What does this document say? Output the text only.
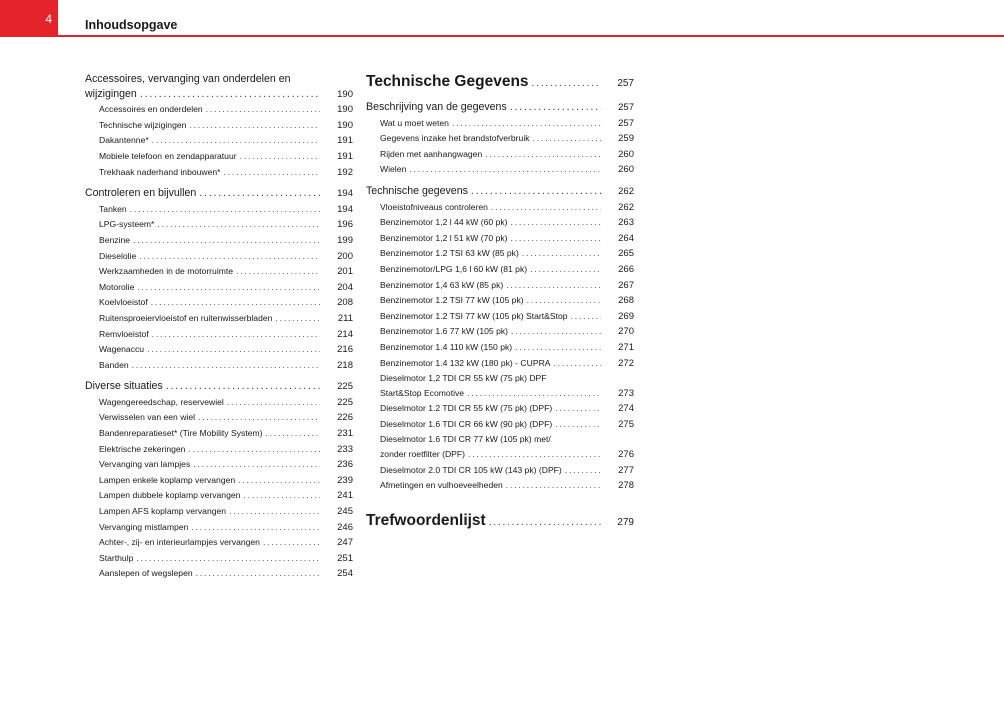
4	Inhoudsopgave
Accessoires, vervanging van onderdelen en
wijzigingen .....	190
Accessoires en onderdelen .....	190
Technische wijzigingen .....	190
Dakantenne* .....	191
Mobiele telefoon en zendapparatuur .....	191
Trekhaak naderhand inbouwen* .....	192
Controleren en bijvullen .....	194
Tanken .....	194
LPG-systeem* .....	196
Benzine .....	199
Dieselolie .....	200
Werkzaamheden in de motorruimte .....	201
Motorolie .....	204
Koelvloeistof .....	208
Ruitensproeiervloeistof en ruitenwisserbladen .....	211
Remvloeistof .....	214
Wagenaccu .....	216
Banden .....	218
Diverse situaties .....	225
Wagengereedschap, reservewiel .....	225
Verwisselen van een wiel .....	226
Bandenreparatieset* (Tire Mobility System) .....	231
Elektrische zekeringen .....	233
Vervanging van lampjes .....	236
Lampen enkele koplamp vervangen .....	239
Lampen dubbele koplamp vervangen .....	241
Lampen AFS koplamp vervangen .....	245
Vervanging mistlampen .....	246
Achter-, zij- en interieurlampjes vervangen .....	247
Starthulp .....	251
Aanslepen of wegslepen .....	254
Technische Gegevens .....	257
Beschrijving van de gegevens .....	257
Wat u moet weten .....	257
Gegevens inzake het brandstofverbruik .....	259
Rijden met aanhangwagen .....	260
Wielen .....	260
Technische gegevens .....	262
Vloeistofniveaus controleren .....	262
Benzinemotor 1,2 l 44 kW (60 pk) .....	263
Benzinemotor 1,2 l 51 kW (70 pk) .....	264
Benzinemotor 1.2 TSI 63 kW (85 pk) .....	265
Benzinemotor/LPG 1,6 l 60 kW (81 pk) .....	266
Benzinemotor 1,4 63 kW (85 pk) .....	267
Benzinemotor 1.2 TSI 77 kW (105 pk) .....	268
Benzinemotor 1.2 TSI 77 kW (105 pk) Start&Stop .....	269
Benzinemotor 1.6 77 kW (105 pk) .....	270
Benzinemotor 1.4 110 kW (150 pk) .....	271
Benzinemotor 1.4 132 kW (180 pk) - CUPRA .....	272
Dieselmotor 1,2 TDI CR 55 kW (75 pk) DPF
Start&Stop Ecomotive .....	273
Dieselmotor 1.2 TDI CR 55 kW (75 pk) (DPF) .....	274
Dieselmotor 1.6 TDI CR 66 kW (90 pk) (DPF) .....	275
Dieselmotor 1.6 TDI CR 77 kW (105 pk) met/
zonder roetfilter (DPF) .....	276
Dieselmotor 2.0 TDI CR 105 kW (143 pk) (DPF) .....	277
Afmetingen en vulhoeveelheden .....	278
Trefwoordenlijst .....	279
